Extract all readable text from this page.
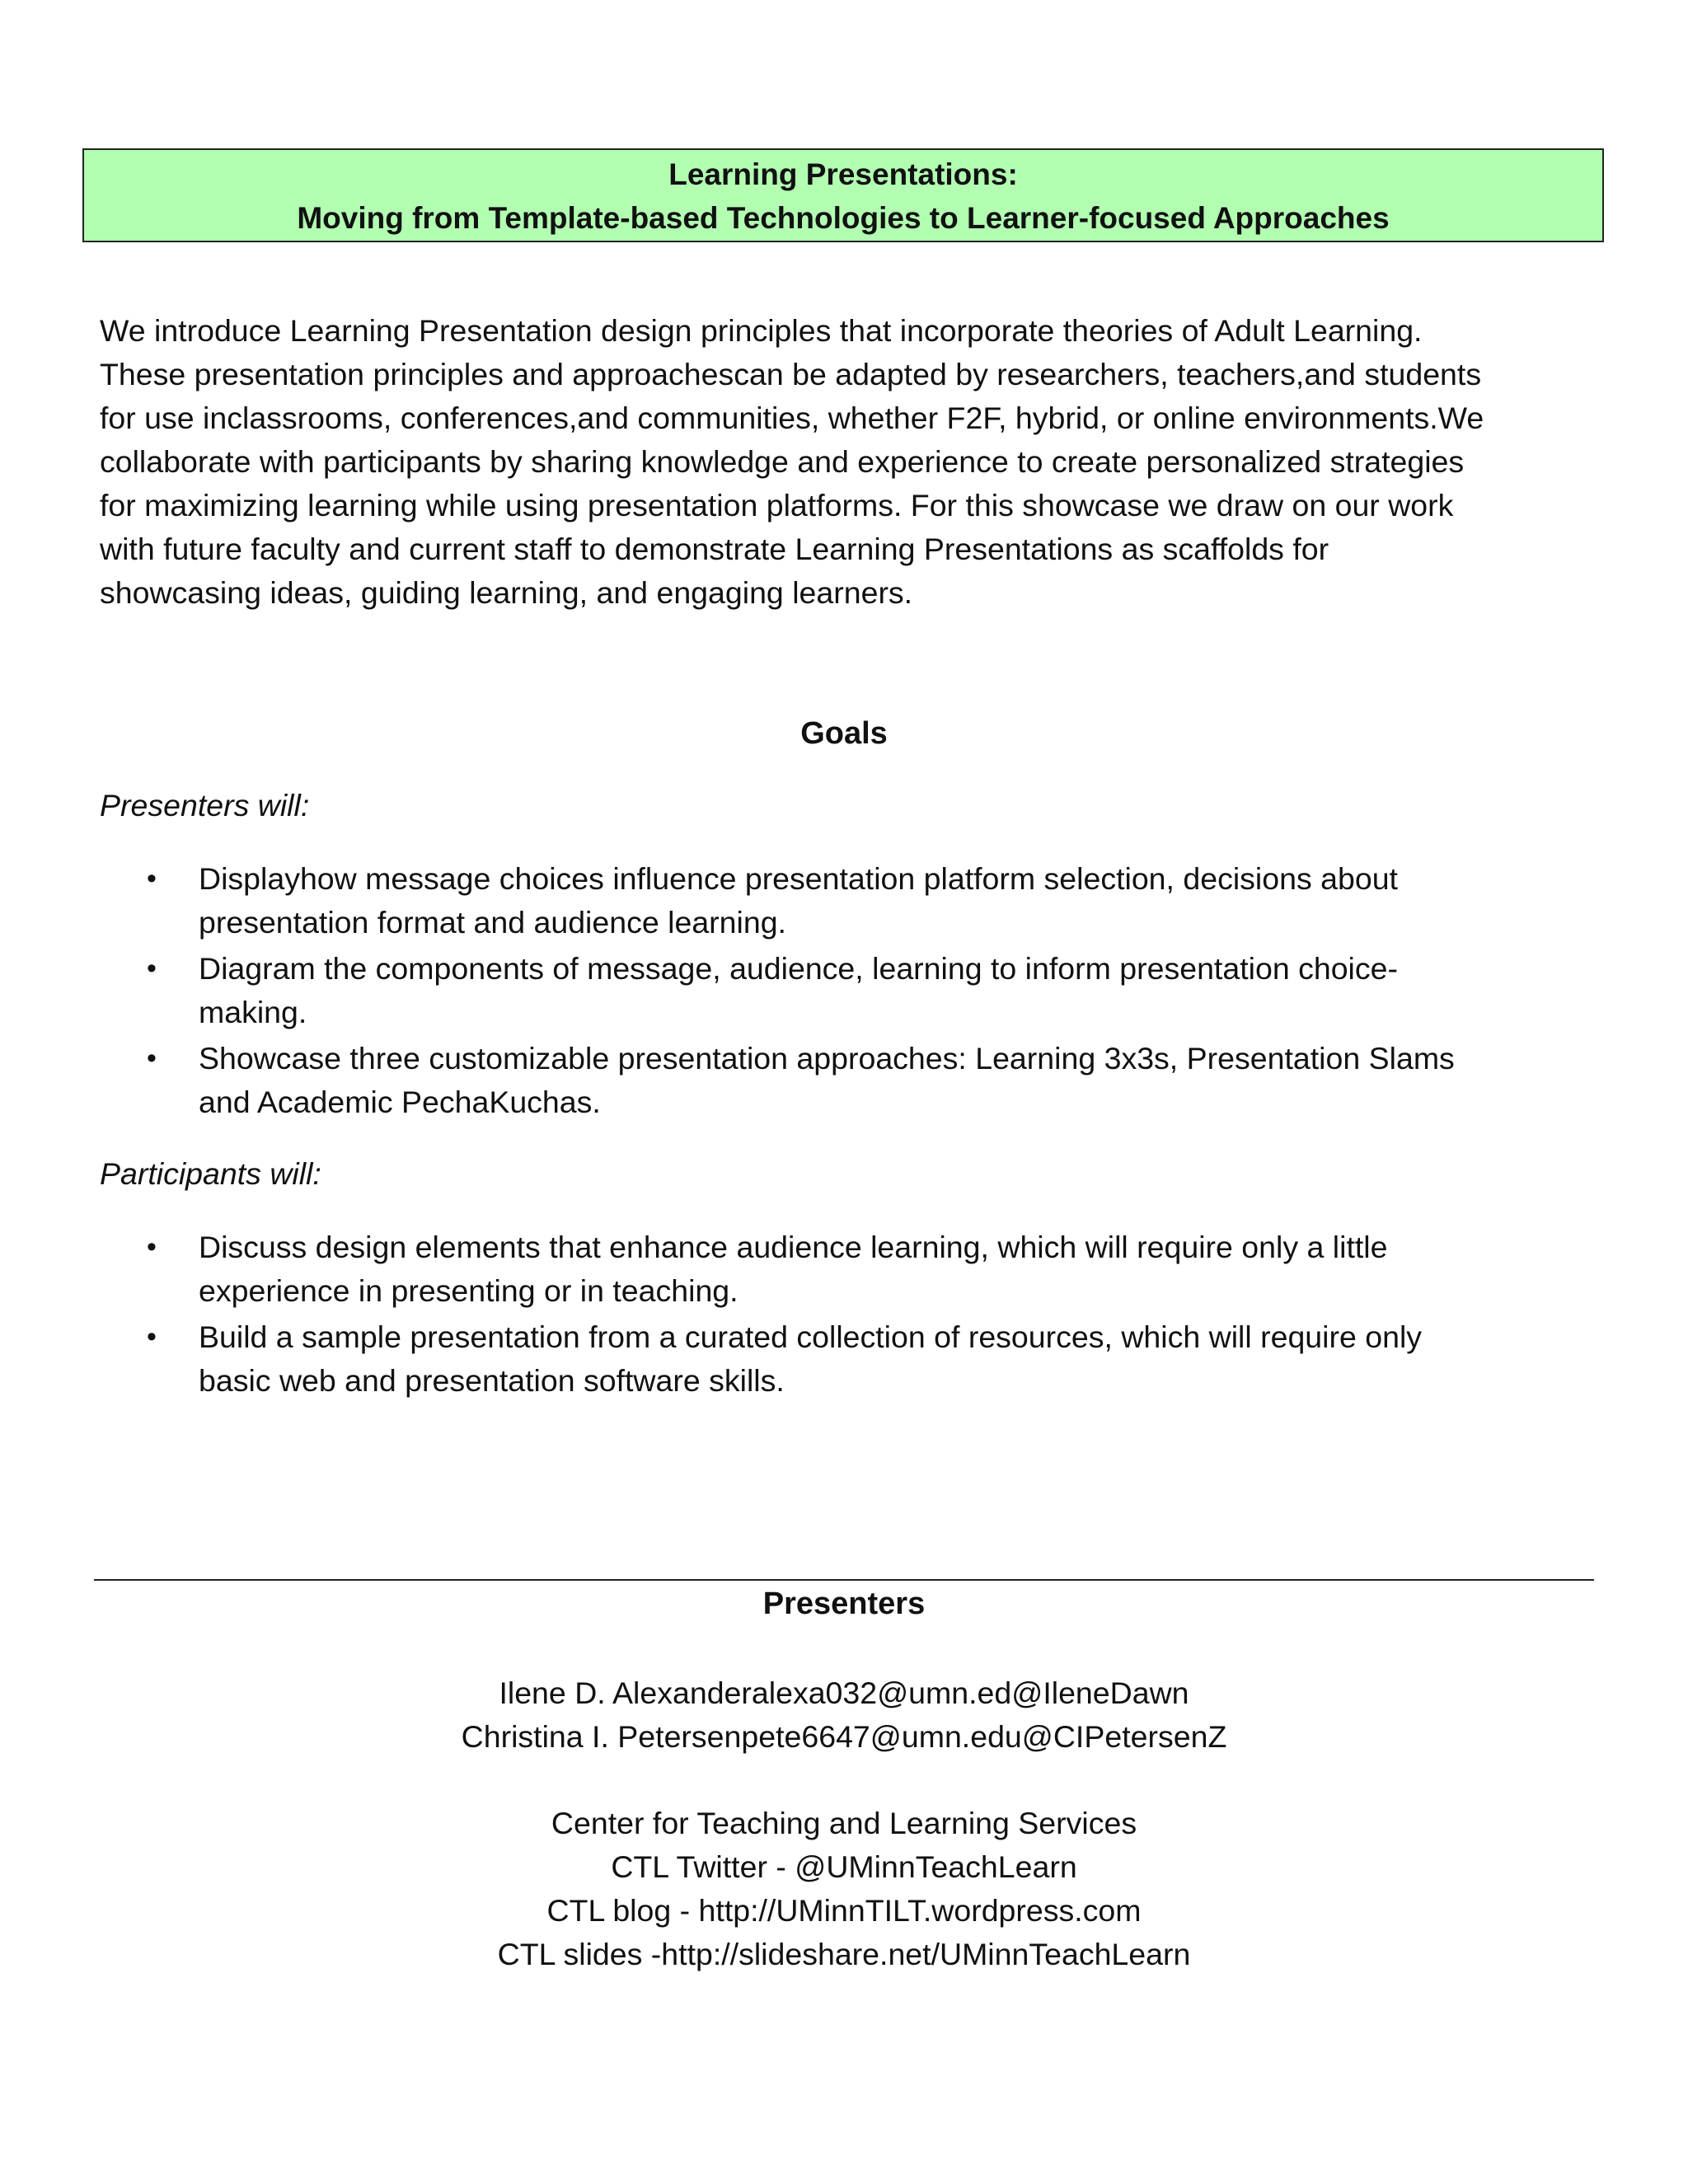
Learning Presentations:
Moving from Template-based Technologies to Learner-focused Approaches

We introduce Learning Presentation design principles that incorporate theories of Adult Learning.
These presentation principles and approachescan be adapted by researchers, teachers,and students
for use inclassrooms, conferences,and communities, whether F2F, hybrid, or online environments.We
collaborate with participants by sharing knowledge and experience to create personalized strategies
for maximizing learning while using presentation platforms. For this showcase we draw on our work
with future faculty and current staff to demonstrate Learning Presentations as scaffolds for
showcasing ideas, guiding learning, and engaging learners.

Goals
Presenters will:
• Displayhow message choices influence presentation platform selection, decisions about
presentation format and audience learning.
• Diagram the components of message, audience, learning to inform presentation choice-
making.
• Showcase three customizable presentation approaches: Learning 3x3s, Presentation Slams
and Academic PechaKuchas.
Participants will:
• Discuss design elements that enhance audience learning, which will require only a little
experience in presenting or in teaching.
• Build a sample presentation from a curated collection of resources, which will require only
basic web and presentation software skills.
Presenters
Ilene D. Alexanderalexa032@umn.ed@IleneDawn
Christina I. Petersenpete6647@umn.edu@CIPetersenZ
Center for Teaching and Learning Services
CTL Twitter - @UMinnTeachLearn
CTL blog - http://UMinnTILT.wordpress.com
CTL slides -http://slideshare.net/UMinnTeachLearn
